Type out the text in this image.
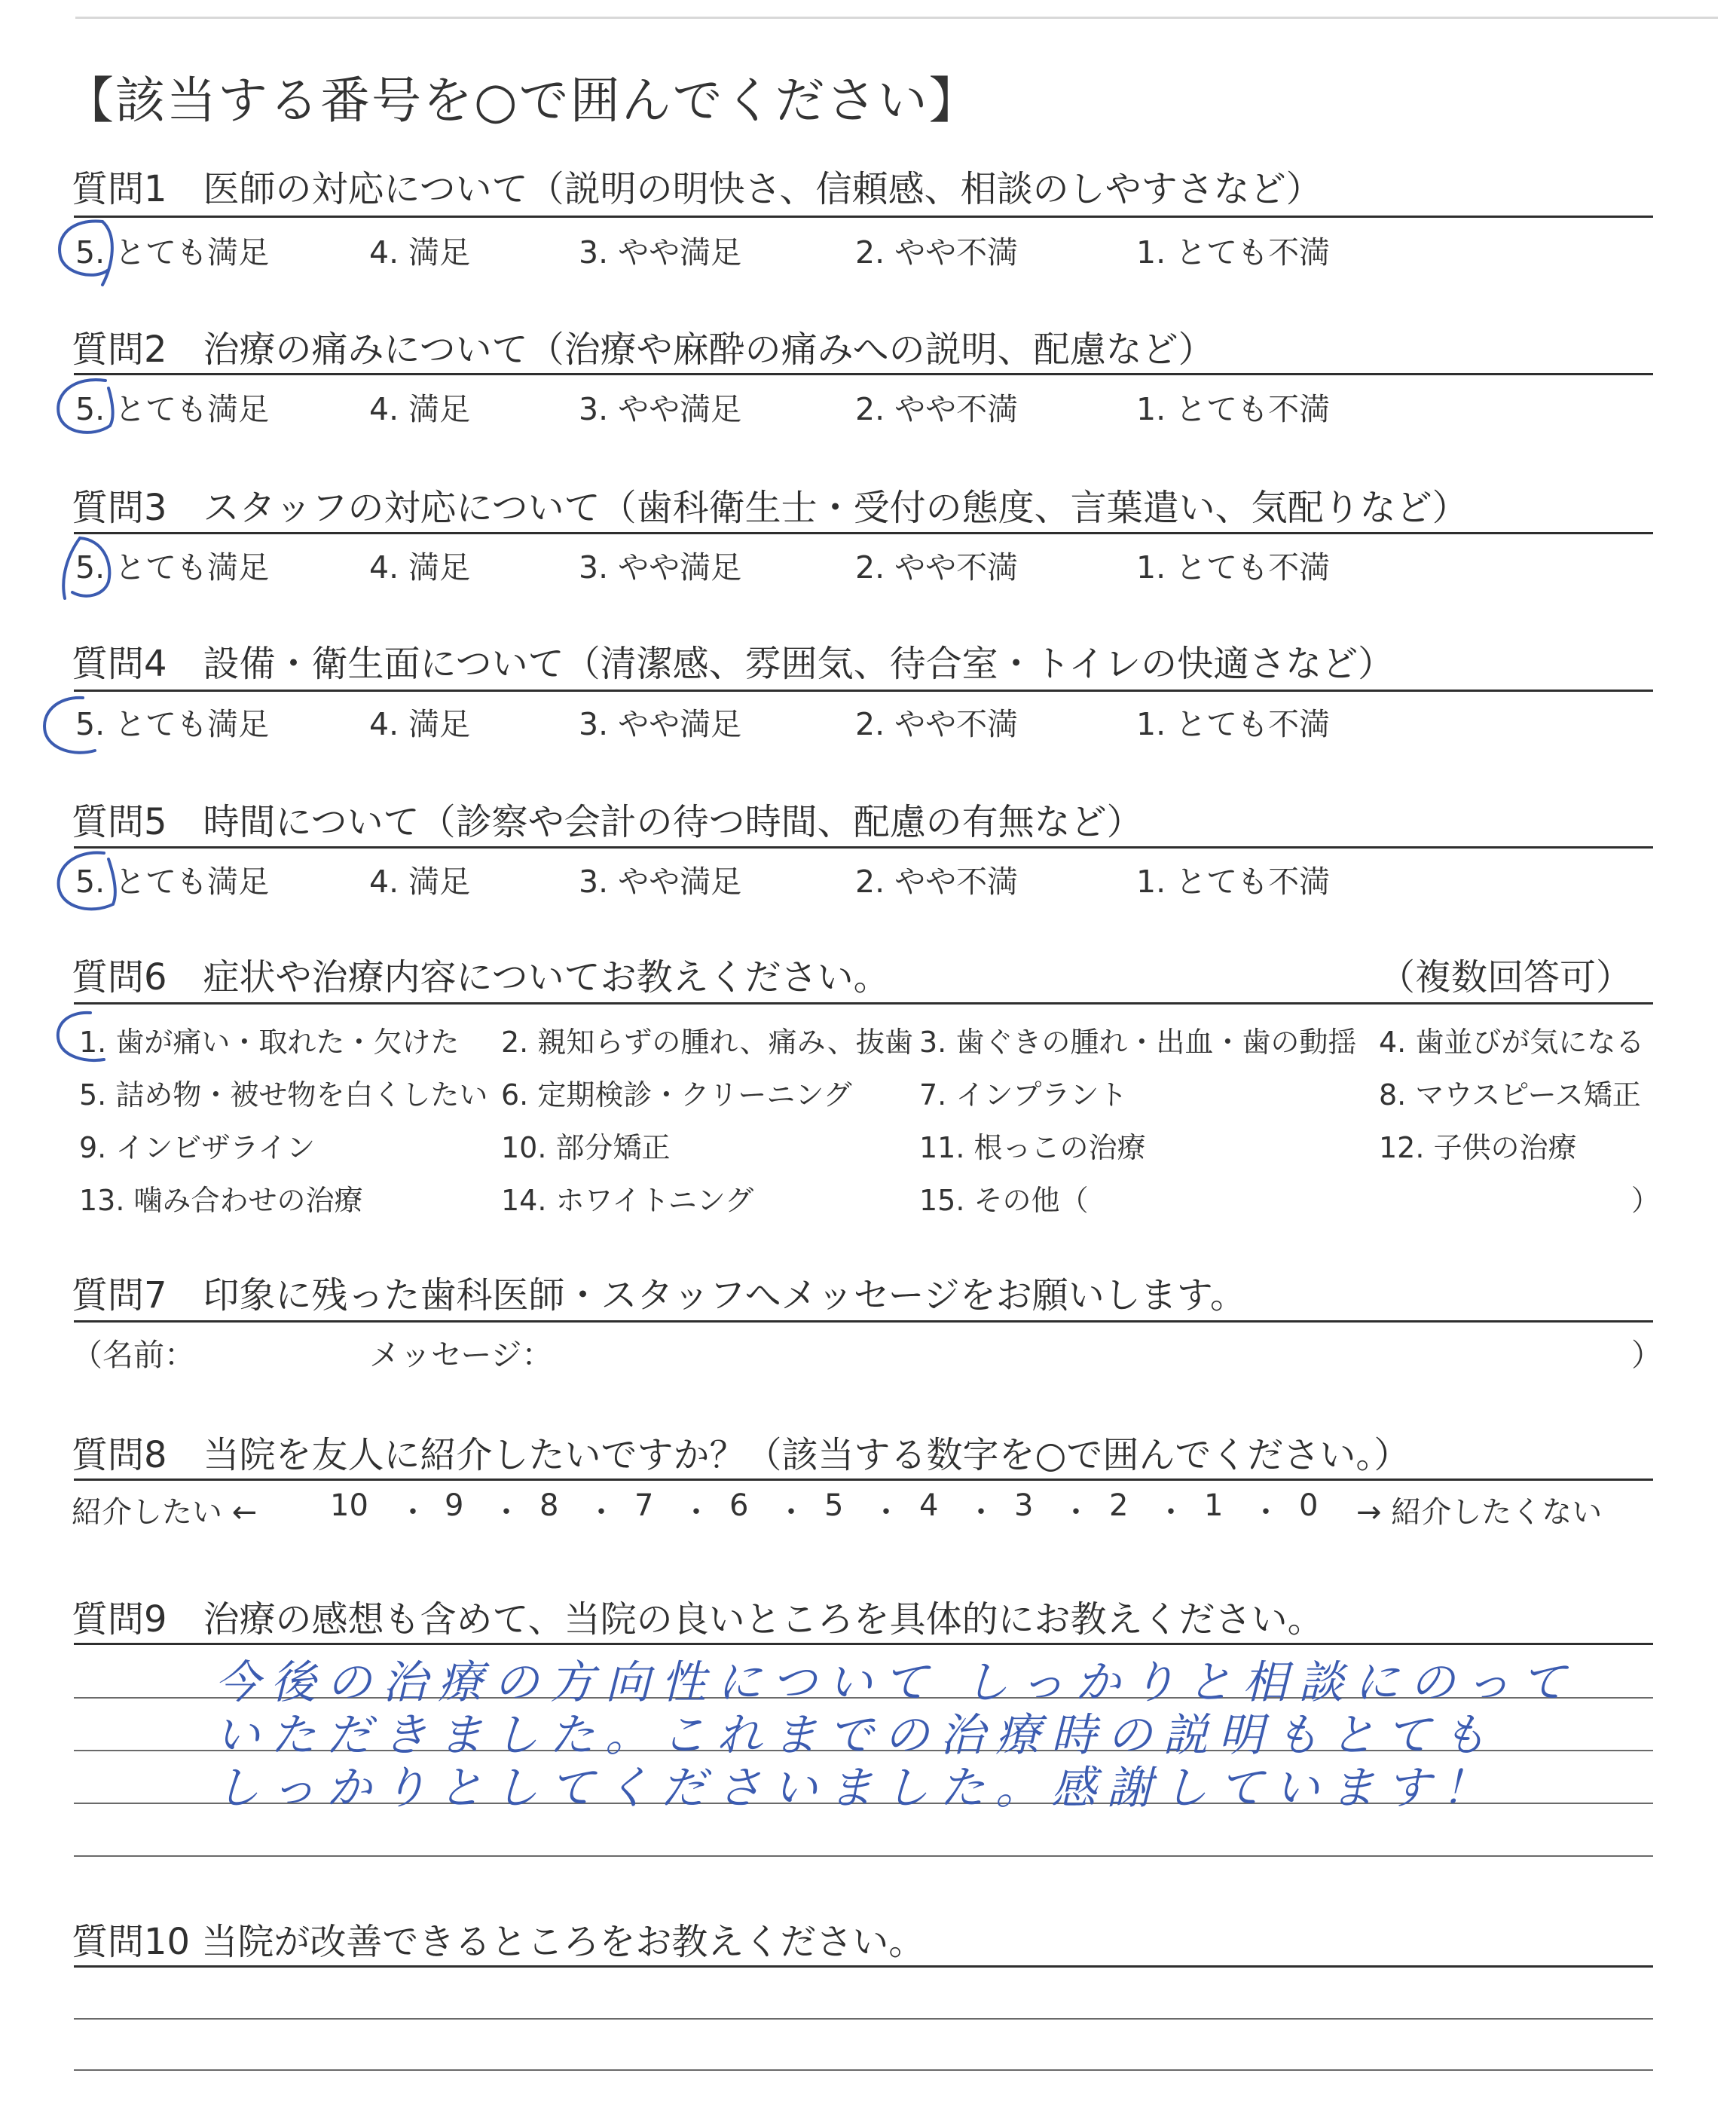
【該当する番号を○で囲んでください】
質問1　医師の対応について（説明の明快さ、信頼感、相談のしやすさなど）
5. とても満足	4. 満足	3. やや満足	2. やや不満	1. とても不満
質問2　治療の痛みについて（治療や麻酔の痛みへの説明、配慮など）
5. とても満足	4. 満足	3. やや満足	2. やや不満	1. とても不満
質問3　スタッフの対応について（歯科衛生士・受付の態度、言葉遣い、気配りなど）
5. とても満足	4. 満足	3. やや満足	2. やや不満	1. とても不満
質問4　設備・衛生面について（清潔感、雰囲気、待合室・トイレの快適さなど）
5. とても満足	4. 満足	3. やや満足	2. やや不満	1. とても不満
質問5　時間について（診察や会計の待つ時間、配慮の有無など）
5. とても満足	4. 満足	3. やや満足	2. やや不満	1. とても不満
質問6　症状や治療内容についてお教えください。	（複数回答可）
1. 歯が痛い・取れた・欠けた 2. 親知らずの腫れ、痛み、抜歯 3. 歯ぐきの腫れ・出血・歯の動揺 4. 歯並びが気になる
5. 詰め物・被せ物を白くしたい 6. 定期検診・クリーニング 7. インプラント	8. マウスピース矯正
9. インビザライン	10. 部分矯正	11. 根っこの治療	12. 子供の治療
13. 噛み合わせの治療	14. ホワイトニング	15. その他（	）
質問7　印象に残った歯科医師・スタッフへメッセージをお願いします。
（名前：	メッセージ：	）
質問8　当院を友人に紹介したいですか？（該当する数字を○で囲んでください。）
紹介したい ← 10 ・ 9 ・ 8 ・ 7 ・ 6 ・ 5 ・ 4 ・ 3 ・ 2 ・ 1 ・ 0 → 紹介したくない
質問9　治療の感想も含めて、当院の良いところを具体的にお教えください。
今後の治療の方向性について しっかりと相談にのって
いただきました。これまでの治療時の説明もとても
しっかりとしてくださいました。感謝しています！
質問10 当院が改善できるところをお教えください。
